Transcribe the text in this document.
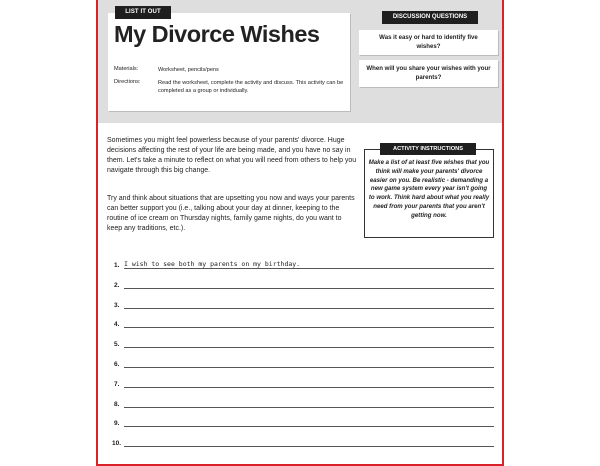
LIST IT OUT
My Divorce Wishes
Materials:	Worksheet, pencils/pens
Directions:	Read the worksheet, complete the activity and discuss. This activity can be completed as a group or individually.
Was it easy or hard to identify five wishes?
When will you share your wishes with your parents?
DISCUSSION QUESTIONS
Sometimes you might feel powerless because of your parents' divorce. Huge decisions affecting the rest of your life are being made, and you have no say in them. Let's take a minute to reflect on what you will need from others to help you navigate through this big change.
Try and think about situations that are upsetting you now and ways your parents can better support you (i.e., talking about your day at dinner, keeping to the routine of ice cream on Thursday nights, family game nights, do you want to keep any traditions, etc.).
ACTIVITY INSTRUCTIONS
Make a list of at least five wishes that you think will make your parents' divorce easier on you. Be realistic - demanding a new game system every year isn't going to work. Think hard about what you really need from your parents that you aren't getting now.
1. I wish to see both my parents on my birthday.
2.
3.
4.
5.
6.
7.
8.
9.
10.
